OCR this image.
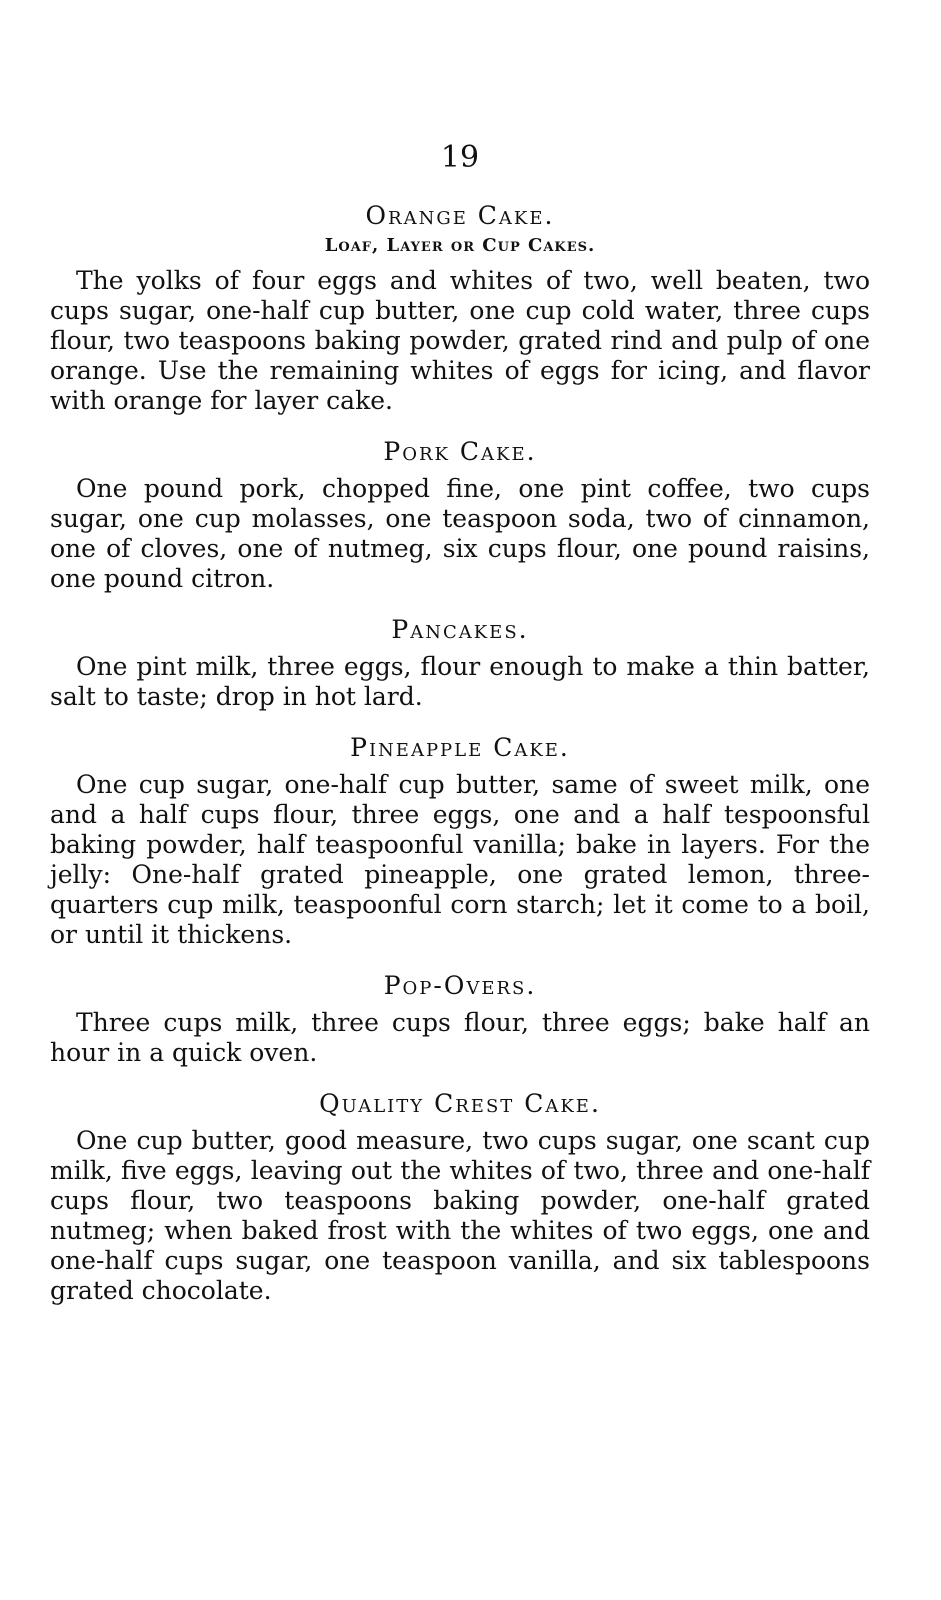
19
Orange Cake.
Loaf, Layer or Cup Cakes.

The yolks of four eggs and whites of two, well beaten, two cups sugar, one-half cup butter, one cup cold water, three cups flour, two teaspoons baking powder, grated rind and pulp of one orange. Use the remaining whites of eggs for icing, and flavor with orange for layer cake.

Pork Cake.

One pound pork, chopped fine, one pint coffee, two cups sugar, one cup molasses, one teaspoon soda, two of cinnamon, one of cloves, one of nutmeg, six cups flour, one pound raisins, one pound citron.

Pancakes.

One pint milk, three eggs, flour enough to make a thin batter, salt to taste; drop in hot lard.

Pineapple Cake.

One cup sugar, one-half cup butter, same of sweet milk, one and a half cups flour, three eggs, one and a half tespoonsful baking powder, half teaspoonful vanilla; bake in layers. For the jelly: One-half grated pineapple, one grated lemon, three-quarters cup milk, teaspoonful corn starch; let it come to a boil, or until it thickens.

Pop-Overs.

Three cups milk, three cups flour, three eggs; bake half an hour in a quick oven.

Quality Crest Cake.

One cup butter, good measure, two cups sugar, one scant cup milk, five eggs, leaving out the whites of two, three and one-half cups flour, two teaspoons baking powder, one-half grated nutmeg; when baked frost with the whites of two eggs, one and one-half cups sugar, one teaspoon vanilla, and six tablespoons grated chocolate.
